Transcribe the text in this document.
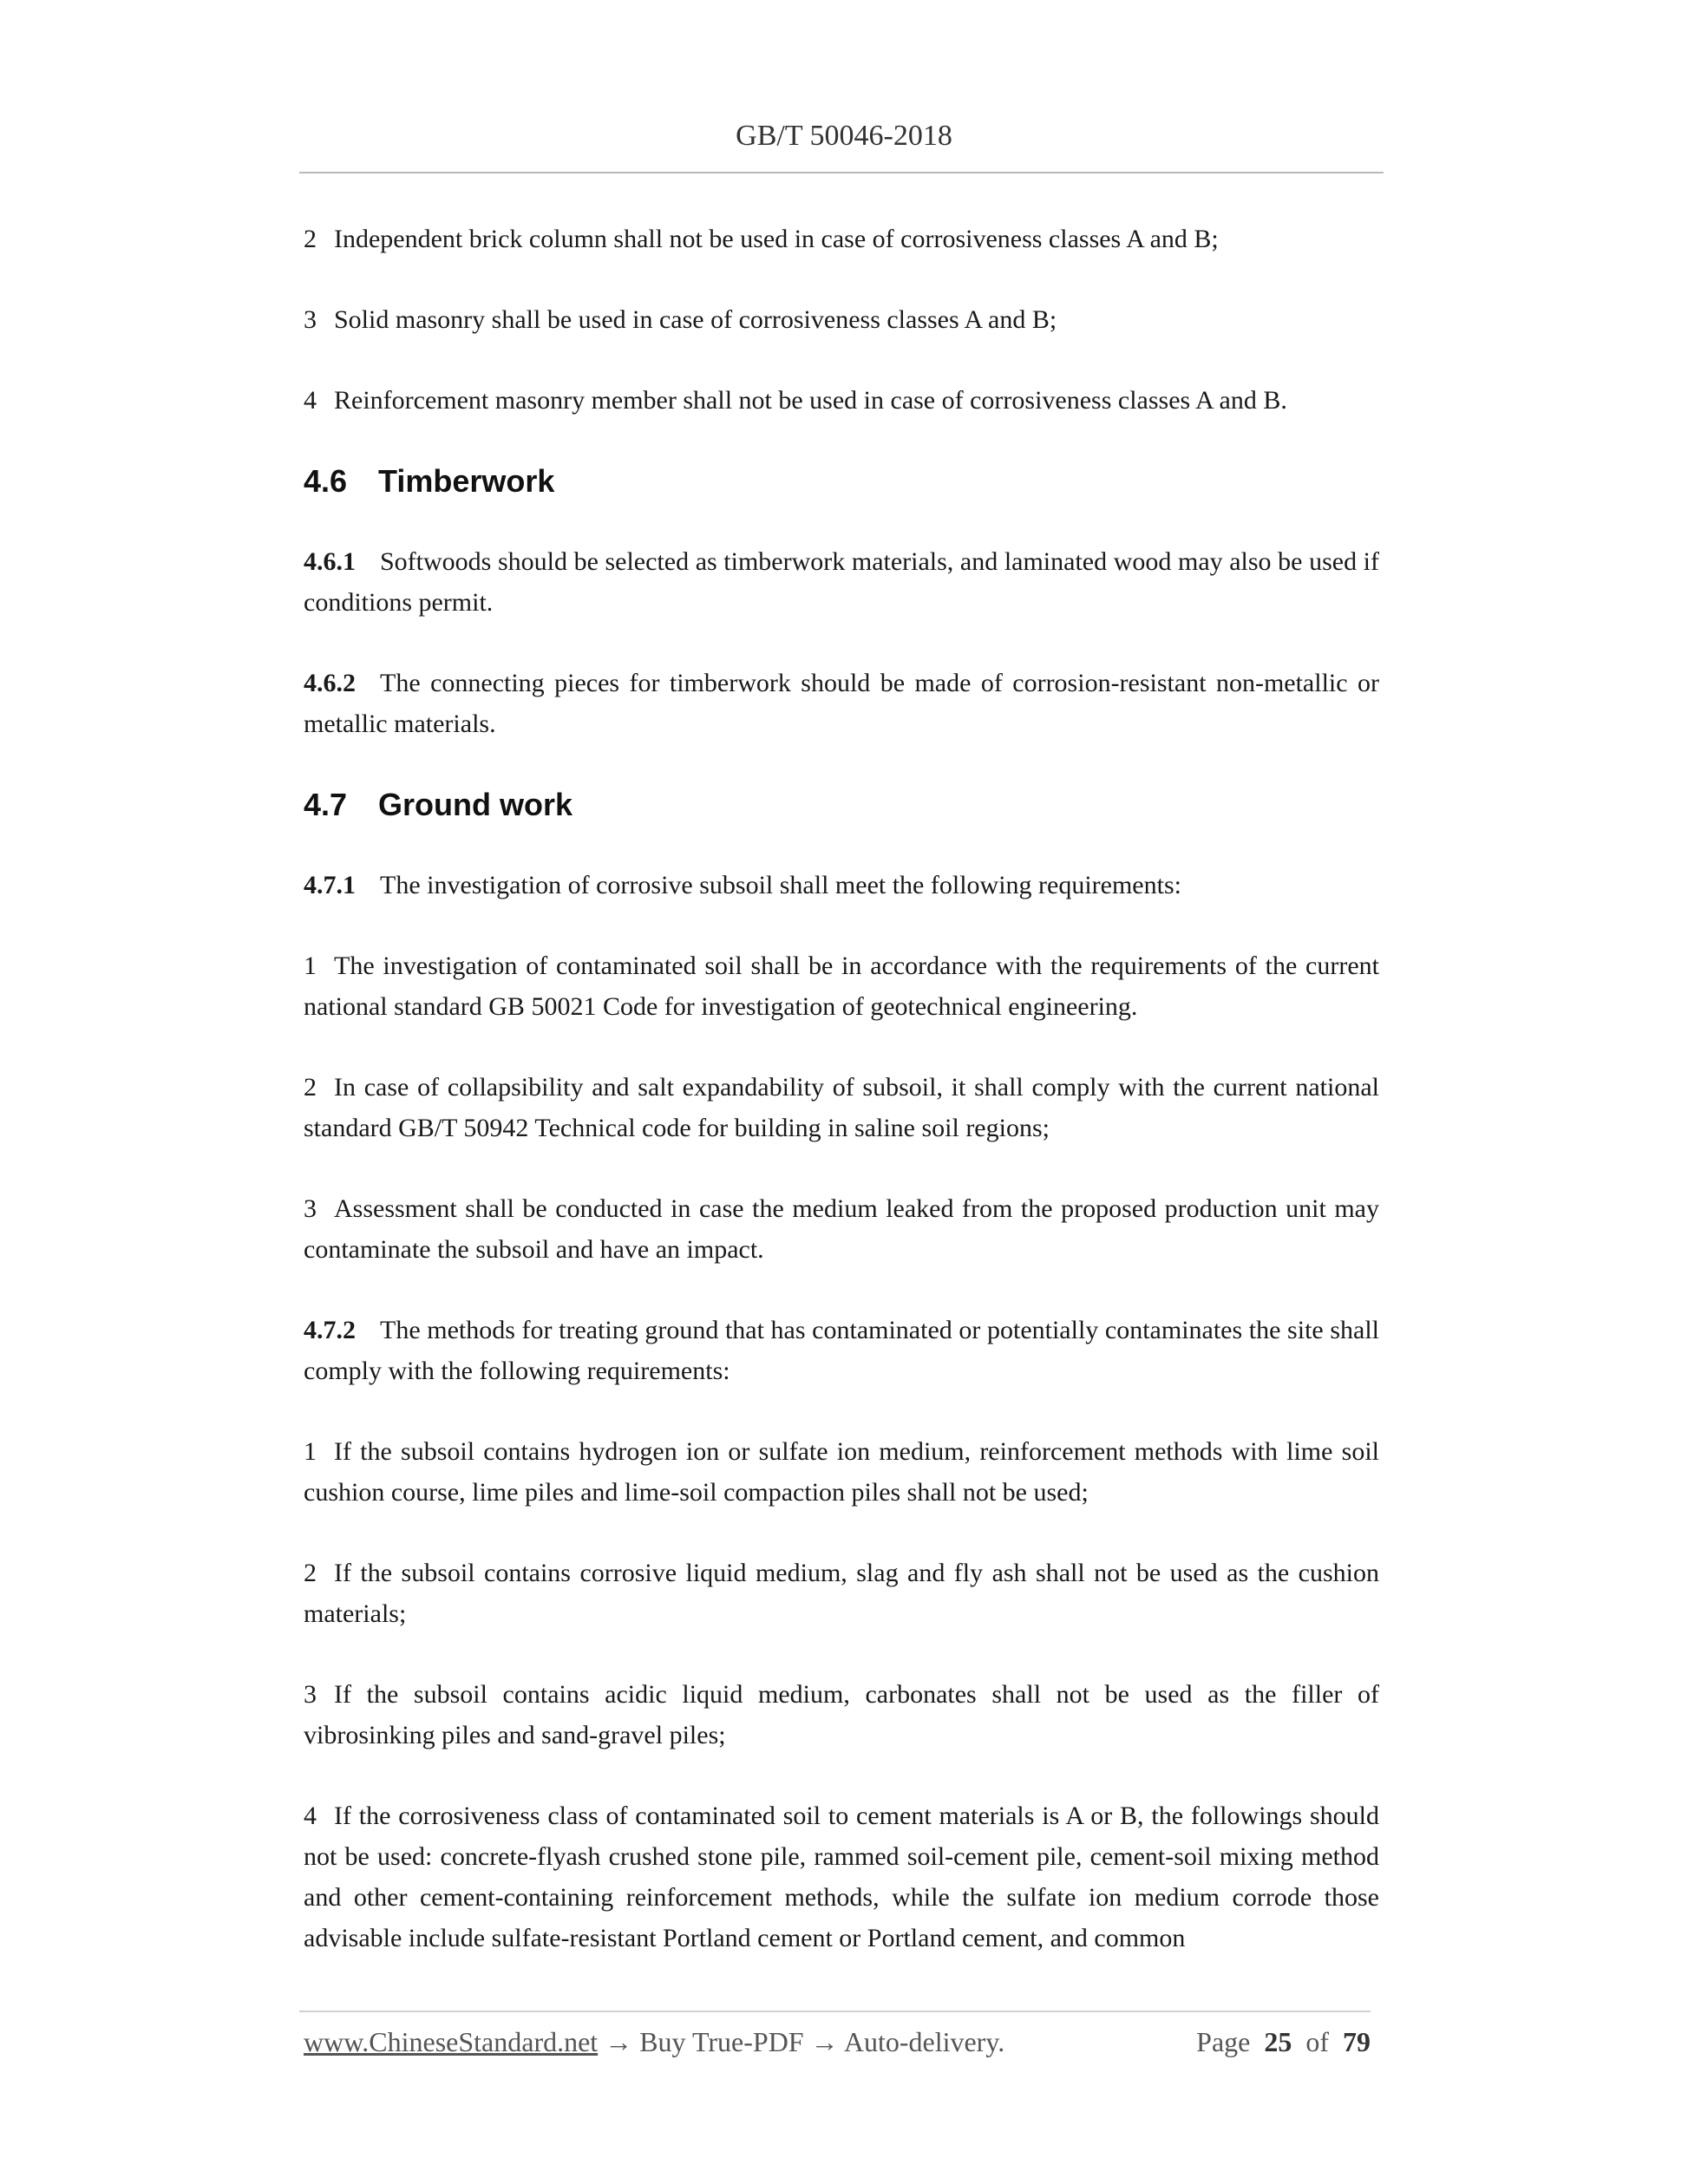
GB/T 50046-2018

2 Independent brick column shall not be used in case of corrosiveness classes A and B;

3 Solid masonry shall be used in case of corrosiveness classes A and B;

4 Reinforcement masonry member shall not be used in case of corrosiveness classes A and B.

4.6 Timberwork

4.6.1 Softwoods should be selected as timberwork materials, and laminated wood may also be used if conditions permit.

4.6.2 The connecting pieces for timberwork should be made of corrosion-resistant non-metallic or metallic materials.

4.7 Ground work

4.7.1 The investigation of corrosive subsoil shall meet the following requirements:

1 The investigation of contaminated soil shall be in accordance with the requirements of the current national standard GB 50021 Code for investigation of geotechnical engineering.

2 In case of collapsibility and salt expandability of subsoil, it shall comply with the current national standard GB/T 50942 Technical code for building in saline soil regions;

3 Assessment shall be conducted in case the medium leaked from the proposed production unit may contaminate the subsoil and have an impact.

4.7.2 The methods for treating ground that has contaminated or potentially contaminates the site shall comply with the following requirements:

1 If the subsoil contains hydrogen ion or sulfate ion medium, reinforcement methods with lime soil cushion course, lime piles and lime-soil compaction piles shall not be used;

2 If the subsoil contains corrosive liquid medium, slag and fly ash shall not be used as the cushion materials;

3 If the subsoil contains acidic liquid medium, carbonates shall not be used as the filler of vibrosinking piles and sand-gravel piles;

4 If the corrosiveness class of contaminated soil to cement materials is A or B, the followings should not be used: concrete-flyash crushed stone pile, rammed soil-cement pile, cement-soil mixing method and other cement-containing reinforcement methods, while the sulfate ion medium corrode those advisable include sulfate-resistant Portland cement or Portland cement, and common

www.ChineseStandard.net → Buy True-PDF → Auto-delivery.	Page 25 of 79
